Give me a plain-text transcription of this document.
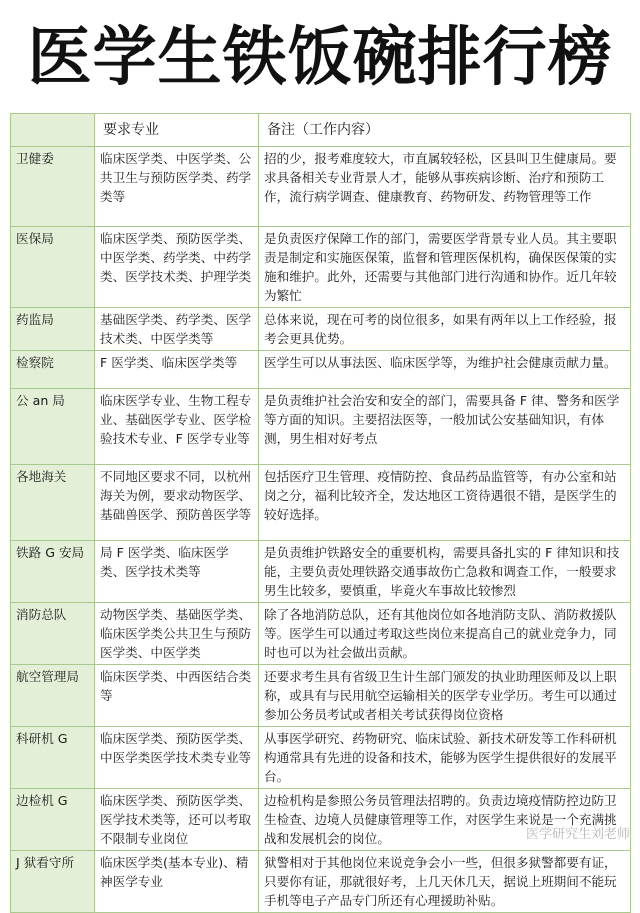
医学生铁饭碗排行榜
	要求专业	备注（工作内容）
卫健委	临床医学类、中医学类、公共卫生与预防医学类、药学类等	招的少，报考难度较大，市直属较轻松，区县叫卫生健康局。要求具备相关专业背景人才，能够从事疾病诊断、治疗和预防工作，流行病学调查、健康教育、药物研发、药物管理等工作
医保局	临床医学类、预防医学类、中医学类、药学类、中药学类、医学技术类、护理学类	是负责医疗保障工作的部门，需要医学背景专业人员。其主要职责是制定和实施医保策，监督和管理医保机构，确保医保策的实施和维护。此外，还需要与其他部门进行沟通和协作。近几年较为繁忙
药监局	基础医学类、药学类、医学技术类、中医学类等	总体来说，现在可考的岗位很多，如果有两年以上工作经验，报考会更具优势。
检察院	F 医学类、临床医学类等	医学生可以从事法医、临床医学等，为维护社会健康贡献力量。
公 an 局	临床医学专业、生物工程专业、基础医学专业、医学检验技术专业、F 医学专业等	是负责维护社会治安和安全的部门，需要具备 F 律、警务和医学等方面的知识。主要招法医等，一般加试公安基础知识，有体测，男生相对好考点
各地海关	不同地区要求不同，以杭州海关为例，要求动物医学、基础兽医学、预防兽医学等	包括医疗卫生管理、疫情防控、食品药品监管等，有办公室和站岗之分，福利比较齐全，发达地区工资待遇很不错，是医学生的较好选择。
铁路 G 安局	局 F 医学类、临床医学类、医学技术类等	是负责维护铁路安全的重要机构，需要具备扎实的 F 律知识和技能，主要负责处理铁路交通事故伤亡急救和调查工作，一般要求男生比较多，要慎重，毕竟火车事故比较惨烈
消防总队	动物医学类、基础医学类、临床医学类公共卫生与预防医学类、中医学类	除了各地消防总队，还有其他岗位如各地消防支队、消防救援队等。医学生可以通过考取这些岗位来提高自己的就业竞争力，同时也可以为社会做出贡献。
航空管理局	临床医学类、中西医结合类等	还要求考生具有省级卫生计生部门颁发的执业助理医师及以上职称，或具有与民用航空运输相关的医学专业学历。考生可以通过参加公务员考试或者相关考试获得岗位资格
科研机 G	临床医学类、预防医学类、中医学类医学技术类专业等	从事医学研究、药物研究、临床试验、新技术研发等工作科研机构通常具有先进的设备和技术，能够为医学生提供很好的发展平台。
边检机 G	临床医学类、预防医学类、医学技术类等，还可以考取不限制专业岗位	边检机构是参照公务员管理法招聘的。负责边境疫情防控边防卫生检查、边境人员健康管理等工作，对医学生来说是一个充满挑战和发展机会的岗位。
J 狱看守所	临床医学类(基本专业)、精神医学专业	狱警相对于其他岗位来说竞争会小一些，但很多狱警都要有证，只要你有证，那就很好考，上几天休几天，据说上班期间不能玩手机等电子产品专门所还有心理援助补贴。
医学研究生刘老师
